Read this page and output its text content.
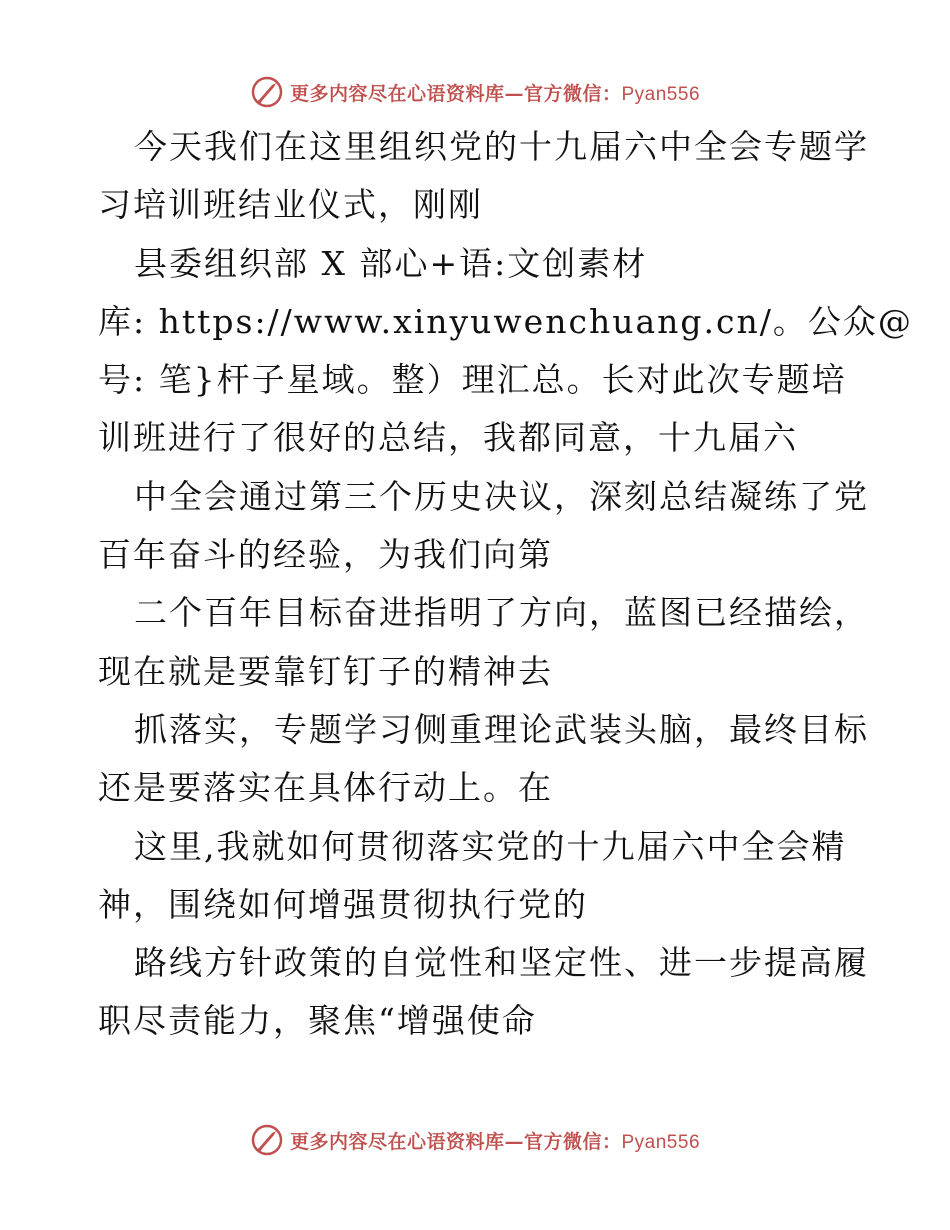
更多内容尽在心语资料库—官方微信：Pyan556
今天我们在这里组织党的十九届六中全会专题学
习培训班结业仪式，刚刚
县委组织部 X 部心+语:文创素材
库: https://www.xinyuwenchuang.cn/。公众@
号: 笔}杆子星域。整）理汇总。长对此次专题培
训班进行了很好的总结，我都同意，十九届六
中全会通过第三个历史决议，深刻总结凝练了党
百年奋斗的经验，为我们向第
二个百年目标奋进指明了方向，蓝图已经描绘，
现在就是要靠钉钉子的精神去
抓落实，专题学习侧重理论武装头脑，最终目标
还是要落实在具体行动上。在
这里,我就如何贯彻落实党的十九届六中全会精
神，围绕如何增强贯彻执行党的
路线方针政策的自觉性和坚定性、进一步提高履
职尽责能力，聚焦“增强使命
更多内容尽在心语资料库—官方微信：Pyan556
